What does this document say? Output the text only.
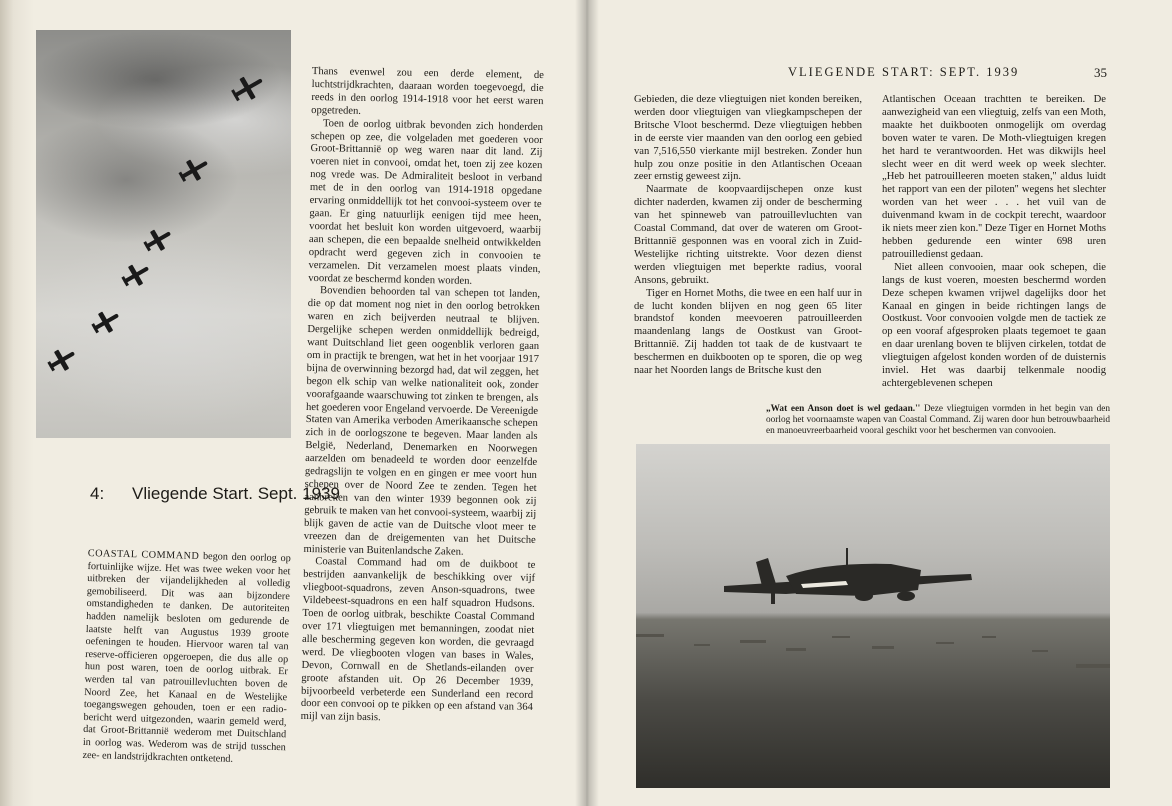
4: Vliegende Start. Sept. 1939
COASTAL COMMAND begon den oorlog op fortuinlijke wijze. Het was twee weken voor het uitbreken der vijandelijkheden al volledig gemobiliseerd. Dit was aan bijzondere omstandigheden te danken. De autoriteiten hadden namelijk besloten om gedurende de laatste helft van Augustus 1939 groote oefeningen te houden. Hiervoor waren tal van reserve-officieren opgeroepen, die dus alle op hun post waren, toen de oorlog uitbrak. Er werden tal van patrouillevluchten boven de Noord Zee, het Kanaal en de Westelijke toegangswegen gehouden, toen er een radio-bericht werd uitgezonden, waarin gemeld werd, dat Groot-Brittannië wederom met Duitschland in oorlog was. Wederom was de strijd tusschen zee- en landstrijdkrachten ontketend.

Thans evenwel zou een derde element, de luchtstrijdkrachten, daaraan worden toegevoegd, die reeds in den oorlog 1914-1918 voor het eerst waren opgetreden.

Toen de oorlog uitbrak bevonden zich honderden schepen op zee, die volgeladen met goederen voor Groot-Brittannië op weg waren naar dit land. Zij voeren niet in convooi, omdat het, toen zij zee kozen nog vrede was. De Admiraliteit besloot in verband met de in den oorlog van 1914-1918 opgedane ervaring onmiddellijk tot het convooi-systeem over te gaan. Er ging natuurlijk eenigen tijd mee heen, voordat het besluit kon worden uitgevoerd, waarbij aan schepen, die een bepaalde snelheid ontwikkelden opdracht werd gegeven zich in convooien te verzamelen. Dit verzamelen moest plaats vinden, voordat ze beschermd konden worden.

Bovendien behoorden tal van schepen tot landen, die op dat moment nog niet in den oorlog betrokken waren en zich beijverden neutraal te blijven. Dergelijke schepen werden onmiddellijk bedreigd, want Duitschland liet geen oogenblik verloren gaan om in practijk te brengen, wat het in het voorjaar 1917 bijna de overwinning bezorgd had, dat wil zeggen, het begon elk schip van welke nationaliteit ook, zonder voorafgaande waarschuwing tot zinken te brengen, als het goederen voor Engeland vervoerde. De Vereenigde Staten van Amerika verboden Amerikaansche schepen zich in de oorlogszone te begeven. Maar landen als België, Nederland, Denemarken en Noorwegen aarzelden om benadeeld te worden door eenzelfde gedragslijn te volgen en en gingen er mee voort hun schepen over de Noord Zee te zenden. Tegen het aanbreken van den winter 1939 begonnen ook zij gebruik te maken van het convooi-systeem, waarbij zij blijk gaven de actie van de Duitsche vloot meer te vreezen dan de dreigementen van het Duitsche ministerie van Buitenlandsche Zaken.

Coastal Command had om de duikboot te bestrijden aanvankelijk de beschikking over vijf vliegboot-squadrons, zeven Anson-squadrons, twee Vildebeest-squadrons en een half squadron Hudsons. Toen de oorlog uitbrak, beschikte Coastal Command over 171 vliegtuigen met bemanningen, zoodat niet alle bescherming gegeven kon worden, die gevraagd werd. De vliegbooten vlogen van bases in Wales, Devon, Cornwall en de Shetlands-eilanden over groote afstanden uit. Op 26 December 1939, bijvoorbeeld verbeterde een Sunderland een record door een convooi op te pikken op een afstand van 364 mijl van zijn basis.

VLIEGENDE START: SEPT. 1939	35

Gebieden, die deze vliegtuigen niet konden bereiken, werden door vliegtuigen van vliegkampschepen der Britsche Vloot beschermd. Deze vliegtuigen hebben in de eerste vier maanden van den oorlog een gebied van 7,516,550 vierkante mijl bestreken. Zonder hun hulp zou onze positie in den Atlantischen Oceaan zeer ernstig geweest zijn.

Naarmate de koopvaardijschepen onze kust dichter naderden, kwamen zij onder de bescherming van het spinneweb van patrouillevluchten van Coastal Command, dat over de wateren om Groot-Brittannië gesponnen was en vooral zich in Zuid-Westelijke richting uitstrekte. Voor dezen dienst werden vliegtuigen met beperkte radius, vooral Ansons, gebruikt.

Tiger en Hornet Moths, die twee en een half uur in de lucht konden blijven en nog geen 65 liter brandstof konden meevoeren patrouilleerden maandenlang langs de Oostkust van Groot-Brittannië. Zij hadden tot taak de de kustvaart te beschermen en duikbooten op te sporen, die op weg naar het Noorden langs de Britsche kust den

Atlantischen Oceaan trachtten te bereiken. De aanwezigheid van een vliegtuig, zelfs van een Moth, maakte het duikbooten onmogelijk om overdag boven water te varen. De Moth-vliegtuigen kregen het hard te verantwoorden. Het was dikwijls heel slecht weer en dit werd week op week slechter. „Heb het patrouilleeren moeten staken,'' aldus luidt het rapport van een der piloten'' wegens het slechter worden van het weer . . . het vuil van de duivenmand kwam in de cockpit terecht, waardoor ik niets meer zien kon.'' Deze Tiger en Hornet Moths hebben gedurende een winter 698 uren patrouilledienst gedaan.

Niet alleen convooien, maar ook schepen, die langs de kust voeren, moesten beschermd worden Deze schepen kwamen vrijwel dagelijks door het Kanaal en gingen in beide richtingen langs de Oostkust. Voor convooien volgde men de tactiek ze op een vooraf afgesproken plaats tegemoet te gaan en daar urenlang boven te blijven cirkelen, totdat de vliegtuigen afgelost konden worden of de duisternis inviel. Het was daarbij telkenmale noodig achtergeblevenen schepen

„Wat een Anson doet is wel gedaan.'' Deze vliegtuigen vormden in het begin van den oorlog het voornaamste wapen van Coastal Command. Zij waren door hun betrouwbaarheid en manoeuvreerbaarheid vooral geschikt voor het beschermen van convooien.
